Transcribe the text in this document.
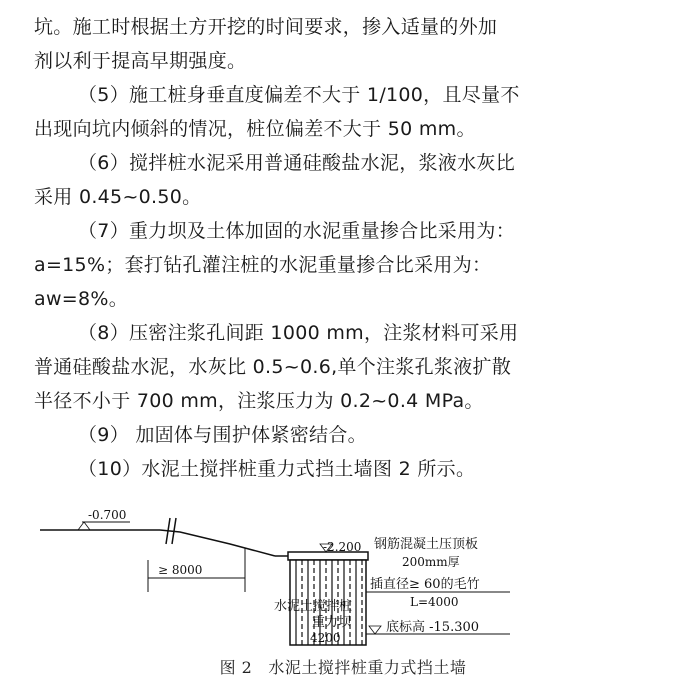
坑。施工时根据土方开挖的时间要求，掺入适量的外加
剂以利于提高早期强度。
（5）施工桩身垂直度偏差不大于 1/100，且尽量不
出现向坑内倾斜的情况，桩位偏差不大于 50 mm。
（6）搅拌桩水泥采用普通硅酸盐水泥，浆液水灰比
采用 0.45~0.50。
（7）重力坝及土体加固的水泥重量掺合比采用为：
a=15%；套打钻孔灌注桩的水泥重量掺合比采用为：
aw=8%。
（8）压密注浆孔间距 1000 mm，注浆材料可采用
普通硅酸盐水泥，水灰比 0.5~0.6,单个注浆孔浆液扩散
半径不小于 700 mm，注浆压力为 0.2~0.4 MPa。
（9） 加固体与围护体紧密结合。
（10）水泥土搅拌桩重力式挡土墙图 2 所示。
-0.700
≥ 8000
-2.200 钢筋混凝土压顶板
200mm厚
插直径≥ 60的毛竹
L=4000
水泥土搅拌桩
重力坝
4200
底标高 -15.300
图 2 水泥土搅拌桩重力式挡土墙
